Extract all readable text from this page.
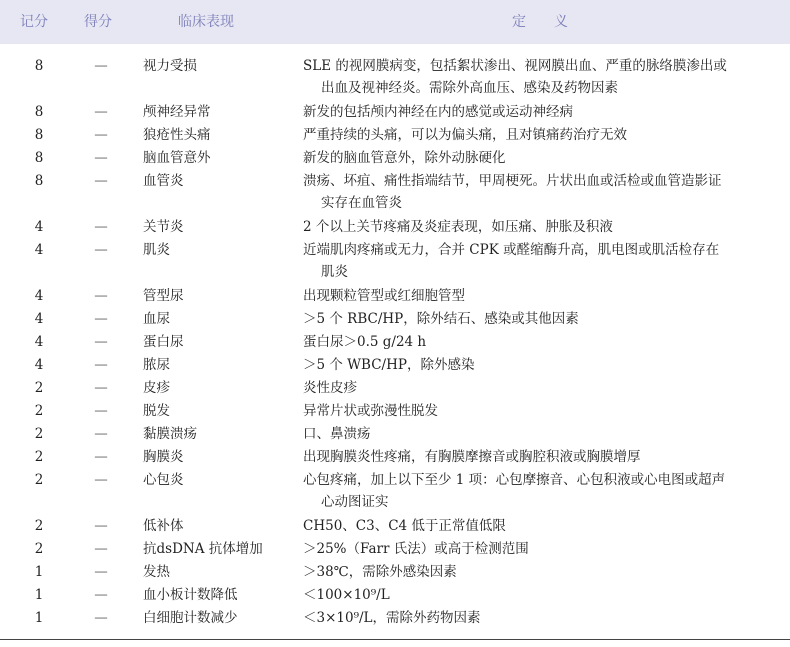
记分	得分	临床表现	定　　义
8	—	视力受损	SLE 的视网膜病变，包括絮状渗出、视网膜出血、严重的脉络膜渗出或
出血及视神经炎。需除外高血压、感染及药物因素
8	—	颅神经异常	新发的包括颅内神经在内的感觉或运动神经病
8	—	狼疮性头痛	严重持续的头痛，可以为偏头痛，且对镇痛药治疗无效
8	—	脑血管意外	新发的脑血管意外，除外动脉硬化
8	—	血管炎	溃疡、坏疽、痛性指端结节，甲周梗死。片状出血或活检或血管造影证
实存在血管炎
4	—	关节炎	2 个以上关节疼痛及炎症表现，如压痛、肿胀及积液
4	—	肌炎	近端肌肉疼痛或无力，合并 CPK 或醛缩酶升高，肌电图或肌活检存在
肌炎
4	—	管型尿	出现颗粒管型或红细胞管型
4	—	血尿	＞5 个 RBC/HP，除外结石、感染或其他因素
4	—	蛋白尿	蛋白尿＞0.5 g/24 h
4	—	脓尿	＞5 个 WBC/HP，除外感染
2	—	皮疹	炎性皮疹
2	—	脱发	异常片状或弥漫性脱发
2	—	黏膜溃疡	口、鼻溃疡
2	—	胸膜炎	出现胸膜炎性疼痛，有胸膜摩擦音或胸腔积液或胸膜增厚
2	—	心包炎	心包疼痛，加上以下至少 1 项：心包摩擦音、心包积液或心电图或超声
心动图证实
2	—	低补体	CH50、C3、C4 低于正常值低限
2	—	抗dsDNA 抗体增加	＞25%（Farr 氏法）或高于检测范围
1	—	发热	＞38℃，需除外感染因素
1	—	血小板计数降低	＜100×10⁹/L
1	—	白细胞计数减少	＜3×10⁹/L，需除外药物因素
